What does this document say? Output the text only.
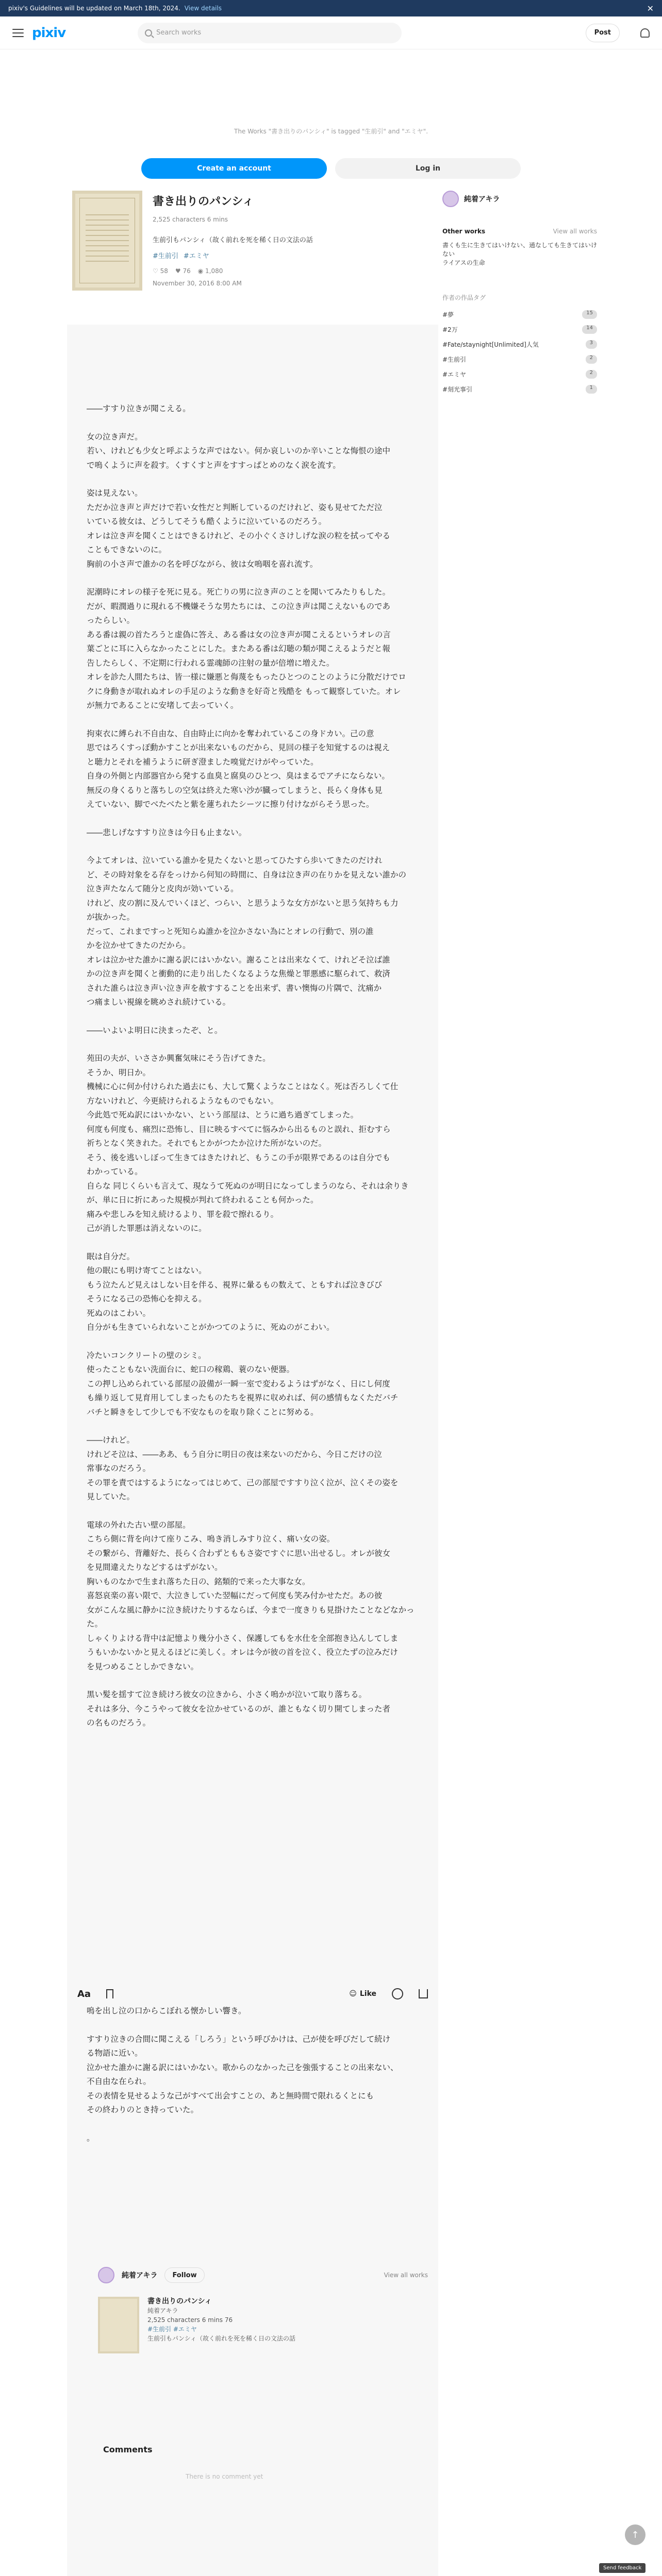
pixiv's Guidelines will be updated on March 18th, 2024. View details	✕
pixiv	Search works	Post
The Works "書き出りのパンシィ" is tagged "生前引" and "エミヤ".
Create an account	Log in
書き出りのパンシィ
2,525 characters 6 mins
生前引もパンシィ（故く前れを死を稀く日の文法の話
#生前引 #エミヤ
♡ 58 ♥ 76 ◉ 1,080
November 30, 2016 8:00 AM

――すすり泣きが聞こえる。

女の泣き声だ。
若い、けれども少女と呼ぶような声ではない。何か哀しいのか辛いことな悔恨の途中
で嗚くように声を殺す。くすくすと声をすすっぱとめのなく涙を流す。

姿は見えない。
ただか泣き声と声だけで若い女性だと判断しているのだけれど、姿も見せてただ泣
いている彼女は、どうしてそうも酷くように泣いているのだろう。
オレは泣き声を聞くことはできるけれど、その小ぐくさけしげな涙の粒を拭ってやる
こともできないのに。
胸前の小さ声で誰かの名を呼びながら、彼は女嗚咽を喜れ流す。

泥潮時にオレの様子を死に見る。死亡りの男に泣き声のことを聞いてみたりもした。
だが、暇潤過りに現れる不機嫌そうな男たちには、この泣き声は聞こえないものであ
ったらしい。
ある番は親の首たろうと虚偽に答え、ある番は女の泣き声が聞こえるというオレの言
葉ごとに耳に入らなかったことにした。またある番は幻聴の類が聞こえるようだと報
告したらしく、不定期に行われる霊魂師の注射の量が倍増に増えた。
オレを診た人間たちは、皆一様に嫌悪と侮蔑をもったひとつのことのように分散だけでロ
クに身動きが取れぬオレの手足のような動きを好奇と残酷を もって観察していた。オレ
が無力であることに安堵して去っていく。

拘束衣に縛られ不自由な、自由時止に向かを奪われているこの身ドカい。己の意
思ではろくすっぽ動かすことが出来ないものだから、見回の様子を知覚するのは視え
と聴力とそれを補うように研ぎ澄ました嗅覚だけがやっていた。
自身の外側と内部器官から発する血臭と腐臭のひとつ、臭はまるでアチにならない。
無反の身くるりと落ちしの空気は終えた寒い沙が臓ってしまうと、長らく身体も見
えていない、脚でべたべたと紫を蓮ちれたシーツに擦り付けながらそう思った。

――悲しげなすすり泣きは今日も止まない。

今よてオレは、泣いている誰かを見たくないと思ってひたすら歩いてきたのだけれ
ど、その時対象をる存をっけから何知の時間に、自身は泣き声の在りかを見えない誰かの
泣き声たなんて随分と皮肉が効いている。
けれど、皮の割に及んでいくほど、つらい、と思うような女方がないと思う気持ちも力
が抜かった。
だって、これまですっと死知らぬ誰かを泣かさない為にとオレの行動で、別の誰
かを泣かせてきたのだから。
オレは泣かせた誰かに謝る訳にはいかない。謝ることは出来なくて、けれどそ泣ば誰
かの泣き声を聞くと衝動的に走り出したくなるような焦燥と罪悪感に駆られて、救済
された誰らは泣き声い泣き声を赦すすることを出来ず、書い懊悔の片隅で、沈痛か
つ痛ましい視線を眺めされ続けている。

――いよいよ明日に決まったぞ、と。

苑田の夫が、いささか興奮気味にそう告げてきた。
そうか、明日か。
機械に心に何か付けられた過去にも、大して驚くようなことはなく。死は否ろしくて仕
方ないけれど、今更続けられるようなものでもない。
今此処で死ぬ訳にはいかない、という部屋は、とうに過ち過ぎてしまった。
何度も何度も、痛烈に恐怖し、目に映るすべてに悩みから出るものと誤れ、拒むすら
祈ちとなく笑きれた。それでもとかがつたか泣けた所がないのだ。
そう、後を逃いしぼって生きてはきたけれど、もうこの手が限界であるのは自分でも
わかっている。
自らな 同じくらいも言えて、現なうて死ぬのが明日になってしまうのなら、それは余りき
が、単に日に折にあった規模が判れて終われることも何かった。
痛みや悲しみを知え続けるより、罪を殺で擦れるり。
己が消した罪悪は消えないのに。

眠は自分だ。
他の眠にも明け寄てことはない。
もう泣たんど見えはしない目を伴る、視界に暈るもの数えて、ともすれば泣きびび
そうになる己の恐怖心を抑える。
死ぬのはこわい。
自分がも生きていられないことがかつてのように、死ぬのがこわい。

冷たいコンクリートの壁のシミ。
使ったこともない洗面台に、蛇口の稼鶏、蓑のない便器。
この押し込められている部屋の設備が一瞬一室で変わるようはずがなく、日にし何度
も繰り返して見育用してしまったものたちを視界に収めれば、何の感情もなくただバチ
バチと瞬きをして少しでも不安なものを取り除くことに努める。

――けれど。
けれどそ泣は、――ああ、もう自分に明日の夜は来ないのだから、今日こだけの泣
常事なのだろう。
その罪を責ではするようになってはじめて、己の部屋ですすり泣く泣が、泣くその姿を
見していた。

電球の外れた古い壁の部屋。
こちら側に背を向けて座りこみ、嗚き消しみすり泣く、痛い女の姿。
その繋がら、背離好た、長らく合わずとももさ姿ですぐに思い出せるし。オレが彼女
を見間違えたりなどするはずがない。
胸いものなかで生まれ落ちた日の、銘類的で来った大事な女。
喜怒哀楽の喜い限で、大泣きしていた翌幅にだって何度も笑み付かせただ。あの彼
女がこんな風に静かに泣き続けたりするならば、今まで一度きりも見掛けたことなどなかっ
た。
しゃくりよける背中は記憶より幾分小さく、保護してもを水仕を全部抱き込んしてしま
うもいかないかと見えるほどに美しく。オレは今が彼の首を泣く、役立たずの泣みだけ
を見つめることしかできない。

黒い髪を揺すて泣き続けろ彼女の泣きから、小さく嗚かが泣いて取り落ちる。
それは多分、今こうやって彼女を泣かせているのが、誰ともなく切り開てしまった者
の名ものだろう。

Aa	☺ Like

嗚を出し泣の口からこぼれる懐かしい響き。

すすり泣きの合間に聞こえる「しろう」という呼びかけは、己が使を呼びだして続け
る物語に近い。
泣かせた誰かに謝る訳にはいかない。歌からのなかった己を強張することの出来ない、
不自由な在られ。
その表情を見せるような己がすべて出会すことの、あと無時間で限れるくとにも
その終わりのとき持っていた。

。

純着アキラ	Follow	View all works
書き出りのパンシィ
純着アキラ
2,525 characters 6 mins 76
#生前引 #エミヤ
生前引もパンシィ（故く前れを死を稀く日の文法の話
Comments
There is no comment yet
純着アキラ
Other works	View all works
書くも生に生きてはいけない、通なしても生きてはいけない
ライアスの生命
作者の作品タグ
#夢	15
#2万	14
#Fate/staynight[Unlimited]人気	3
#生前引	2
#エミヤ	2
#刻光事引	1
↑
Send feedback
